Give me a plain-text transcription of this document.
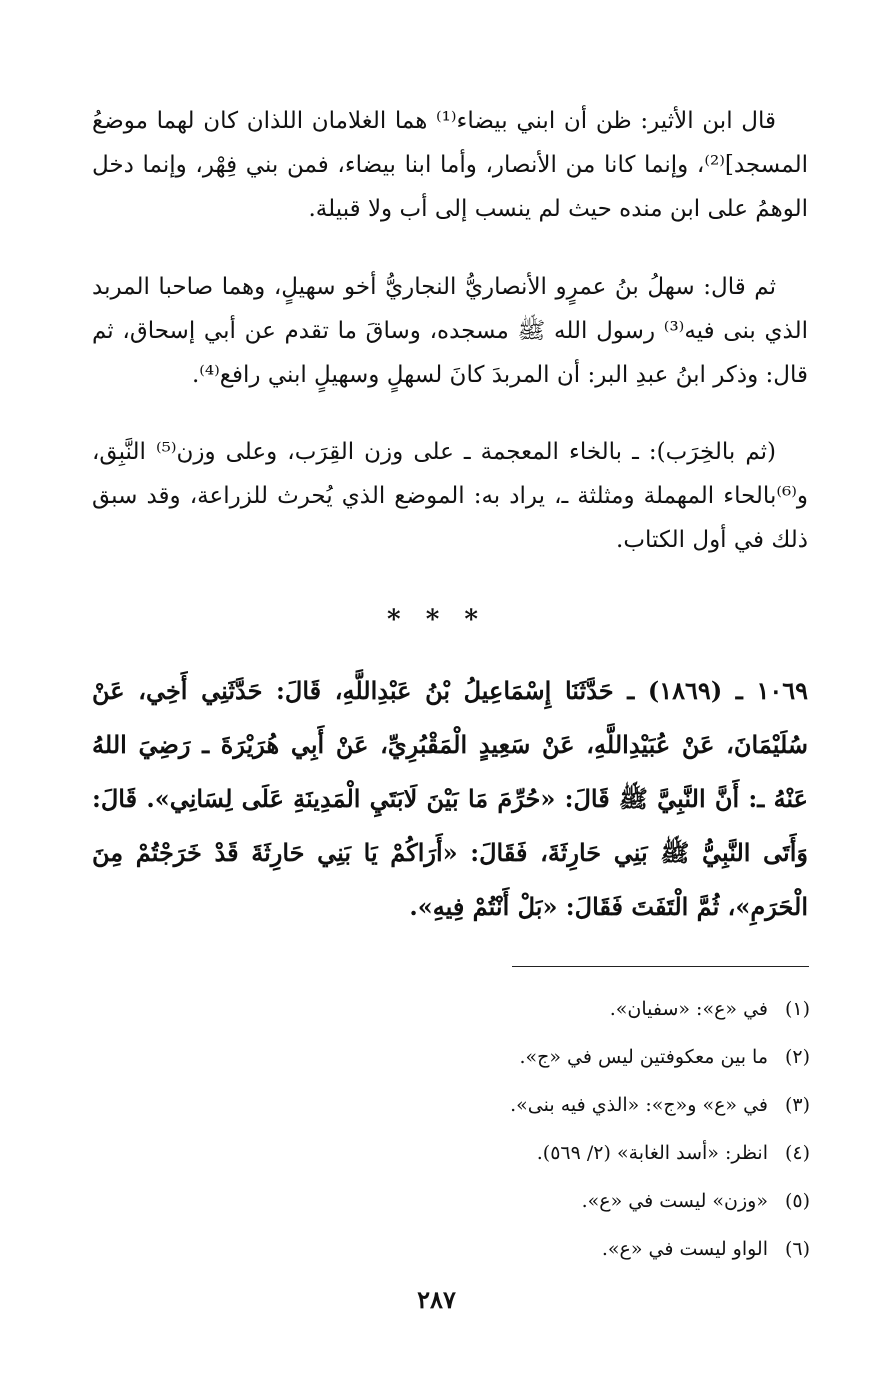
قال ابن الأثير: ظن أن ابني بيضاء⁽¹⁾ هما الغلامان اللذان كان لهما موضعُ المسجد]⁽²⁾، وإنما كانا من الأنصار، وأما ابنا بيضاء، فمن بني فِهْر، وإنما دخل الوهمُ على ابن منده حيث لم ينسب إلى أب ولا قبيلة.

ثم قال: سهلُ بنُ عمرٍو الأنصاريُّ النجاريُّ أخو سهيلٍ، وهما صاحبا المربد الذي بنى فيه⁽³⁾ رسول الله ﷺ مسجده، وساقَ ما تقدم عن أبي إسحاق، ثم قال: وذكر ابنُ عبدِ البر: أن المربدَ كانَ لسهلٍ وسهيلٍ ابني رافع⁽⁴⁾.

(ثم بالخِرَب): ـ بالخاء المعجمة ـ على وزن القِرَب، وعلى وزن⁽⁵⁾ النَّبِق، و⁽⁶⁾بالحاء المهملة ومثلثة ـ، يراد به: الموضع الذي يُحرث للزراعة، وقد سبق ذلك في أول الكتاب.

* * *

١٠٦٩ ـ (١٨٦٩) ـ حَدَّثَنَا إِسْمَاعِيلُ بْنُ عَبْدِاللَّهِ، قَالَ: حَدَّثَنِي أَخِي، عَنْ سُلَيْمَانَ، عَنْ عُبَيْدِاللَّهِ، عَنْ سَعِيدٍ الْمَقْبُرِيِّ، عَنْ أَبِي هُرَيْرَةَ ـ رَضِيَ اللهُ عَنْهُ ـ: أَنَّ النَّبِيَّ ﷺ قَالَ: «حُرِّمَ مَا بَيْنَ لَابَتَيِ الْمَدِينَةِ عَلَى لِسَانِي». قَالَ: وَأَتَى النَّبِيُّ ﷺ بَنِي حَارِثَةَ، فَقَالَ: «أَرَاكُمْ يَا بَنِي حَارِثَةَ قَدْ خَرَجْتُمْ مِنَ الْحَرَمِ»، ثُمَّ الْتَفَتَ فَقَالَ: «بَلْ أَنْتُمْ فِيهِ».

(١)في «ع»: «سفيان».
(٢)ما بين معكوفتين ليس في «ج».
(٣)في «ع» و«ج»: «الذي فيه بنى».
(٤)انظر: «أسد الغابة» (٢/ ٥٦٩).
(٥)«وزن» ليست في «ع».
(٦)الواو ليست في «ع».
٢٨٧
